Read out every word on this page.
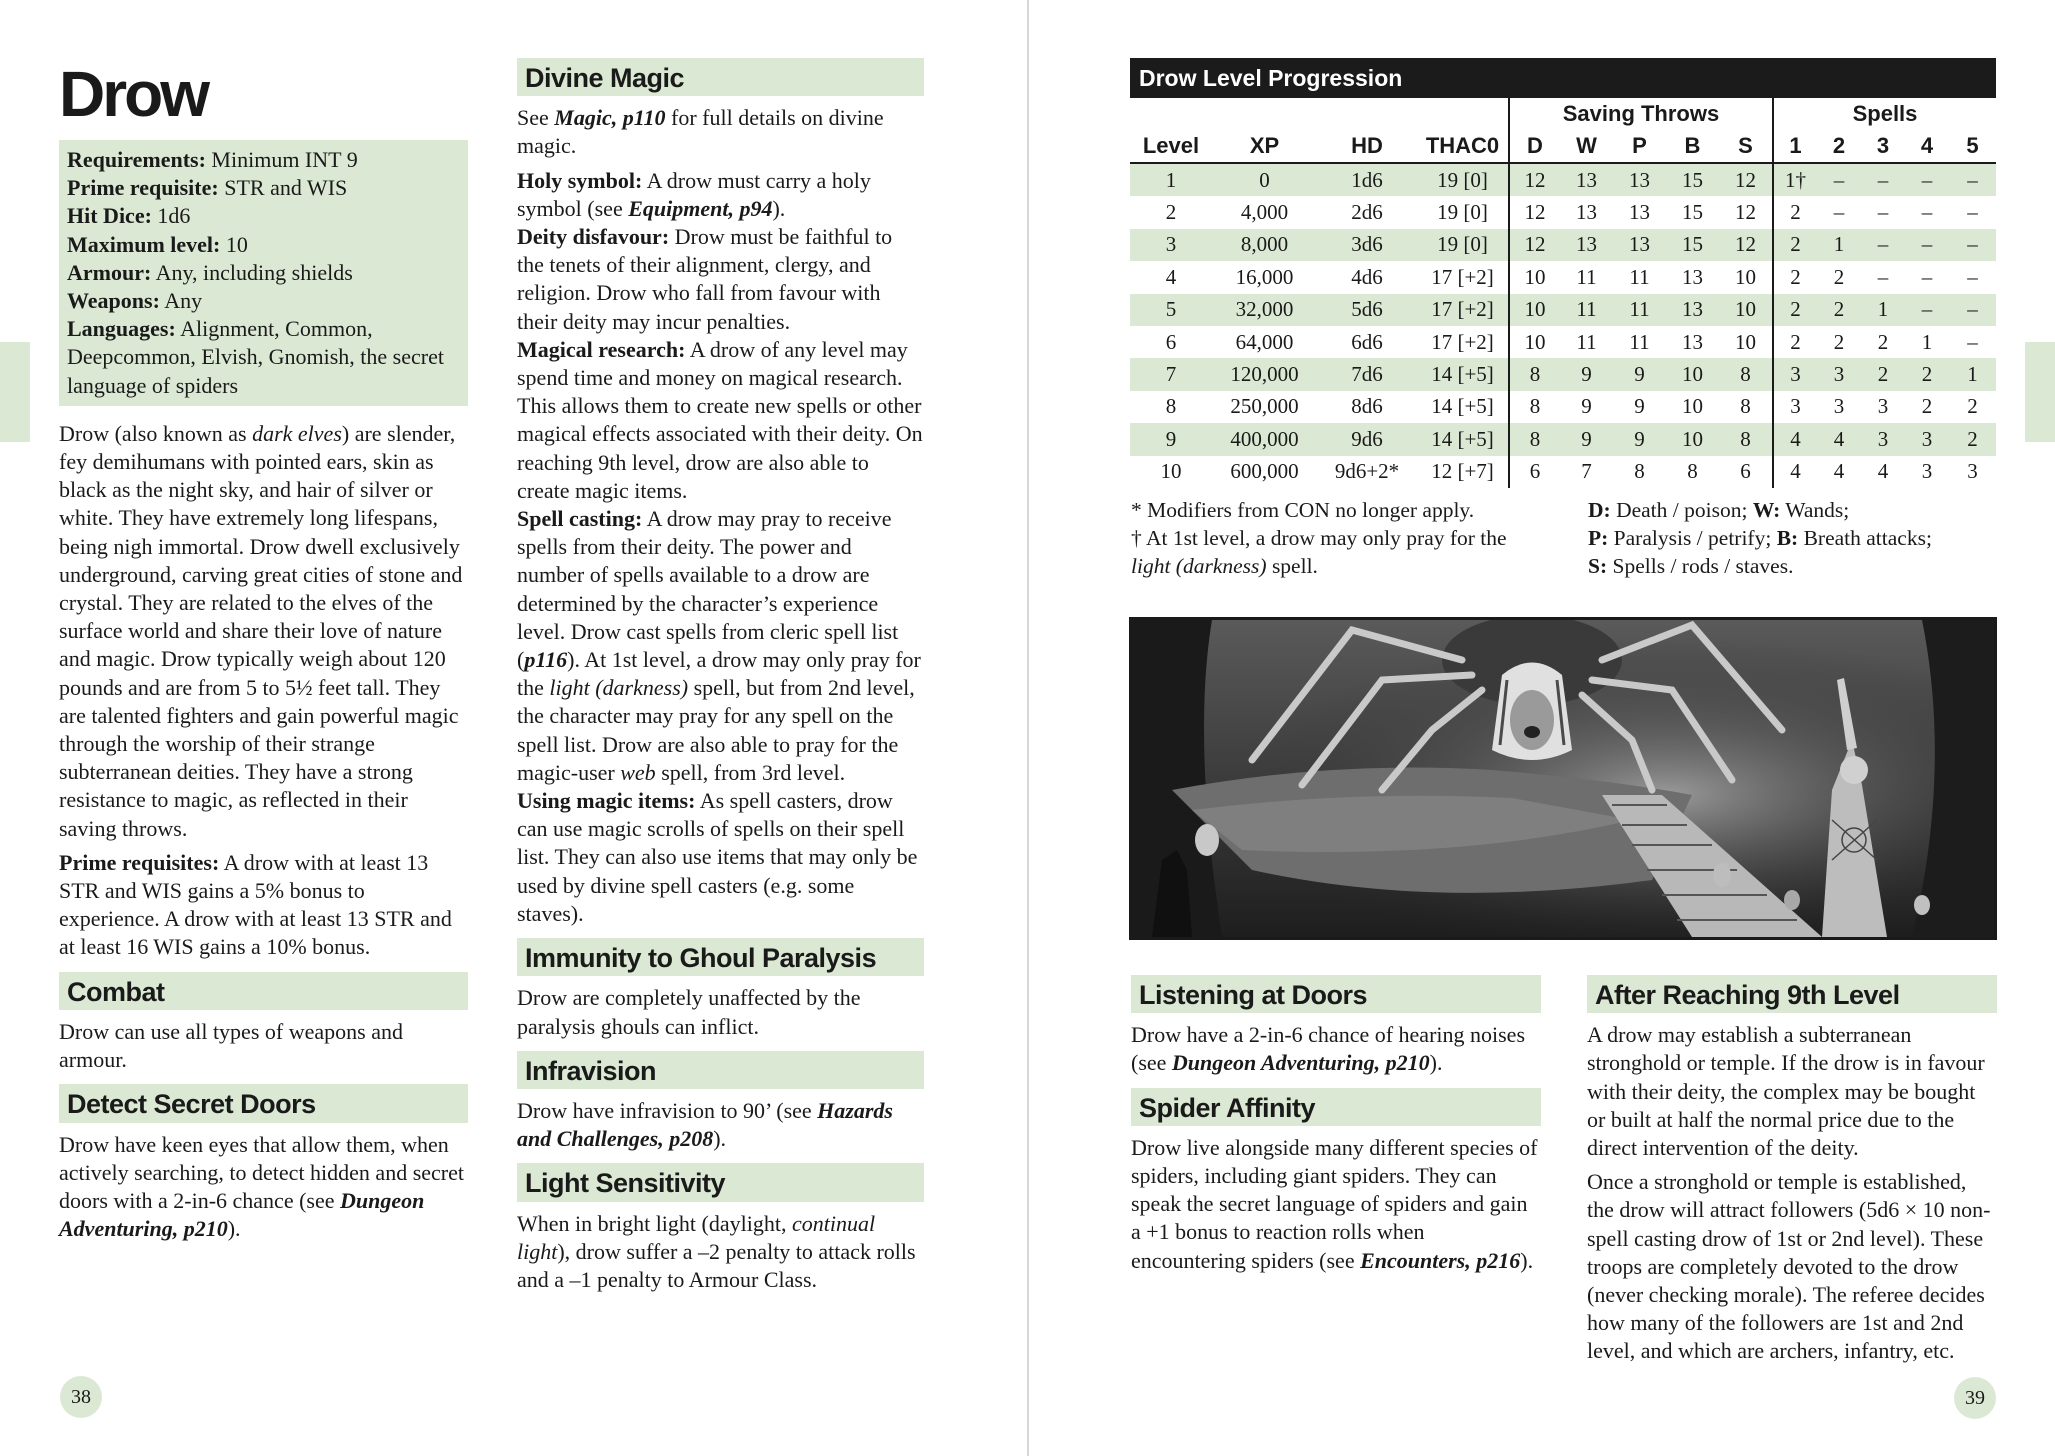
Drow
Requirements: Minimum INT 9
Prime requisite: STR and WIS
Hit Dice: 1d6
Maximum level: 10
Armour: Any, including shields
Weapons: Any
Languages: Alignment, Common, Deepcommon, Elvish, Gnomish, the secret language of spiders

Drow (also known as dark elves) are slender, fey demihumans with pointed ears, skin as black as the night sky, and hair of silver or white. They have extremely long lifespans, being nigh immortal. Drow dwell exclusively underground, carving great cities of stone and crystal. They are related to the elves of the surface world and share their love of nature and magic. Drow typically weigh about 120 pounds and are from 5 to 5½ feet tall. They are talented fighters and gain powerful magic through the worship of their strange subterranean deities. They have a strong resistance to magic, as reflected in their saving throws.

Prime requisites: A drow with at least 13 STR and WIS gains a 5% bonus to experience. A drow with at least 13 STR and at least 16 WIS gains a 10% bonus.

Combat

Drow can use all types of weapons and armour.

Detect Secret Doors

Drow have keen eyes that allow them, when actively searching, to detect hidden and secret doors with a 2-in-6 chance (see Dungeon Adventuring, p210).

38
Divine Magic

See Magic, p110 for full details on divine magic.

Holy symbol: A drow must carry a holy symbol (see Equipment, p94).
Deity disfavour: Drow must be faithful to the tenets of their alignment, clergy, and religion. Drow who fall from favour with their deity may incur penalties.
Magical research: A drow of any level may spend time and money on magical research. This allows them to create new spells or other magical effects associated with their deity. On reaching 9th level, drow are also able to create magic items.
Spell casting: A drow may pray to receive spells from their deity. The power and number of spells available to a drow are determined by the character’s experience level. Drow cast spells from cleric spell list (p116). At 1st level, a drow may only pray for the light (darkness) spell, but from 2nd level, the character may pray for any spell on the spell list. Drow are also able to pray for the magic-user web spell, from 3rd level.

Using magic items: As spell casters, drow can use magic scrolls of spells on their spell list. They can also use items that may only be used by divine spell casters (e.g. some staves).

Immunity to Ghoul Paralysis

Drow are completely unaffected by the paralysis ghouls can inflict.

Infravision

Drow have infravision to 90’ (see Hazards and Challenges, p208).

Light Sensitivity

When in bright light (daylight, continual light), drow suffer a –2 penalty to attack rolls and a –1 penalty to Armour Class.

Drow Level Progression
				Saving Throws					Spells				
Level	XP	HD	THAC0	D	W	P	B	S	1	2	3	4	5
1	0	1d6	19 [0]	12	13	13	15	12	1†	–	–	–	–
2	4,000	2d6	19 [0]	12	13	13	15	12	2	–	–	–	–
3	8,000	3d6	19 [0]	12	13	13	15	12	2	1	–	–	–
4	16,000	4d6	17 [+2]	10	11	11	13	10	2	2	–	–	–
5	32,000	5d6	17 [+2]	10	11	11	13	10	2	2	1	–	–
6	64,000	6d6	17 [+2]	10	11	11	13	10	2	2	2	1	–
7	120,000	7d6	14 [+5]	8	9	9	10	8	3	3	2	2	1
8	250,000	8d6	14 [+5]	8	9	9	10	8	3	3	3	2	2
9	400,000	9d6	14 [+5]	8	9	9	10	8	4	4	3	3	2
10	600,000	9d6+2*	12 [+7]	6	7	8	8	6	4	4	4	3	3
* Modifiers from CON no longer apply.
† At 1st level, a drow may only pray for the light (darkness) spell.
D: Death / poison; W: Wands;
P: Paralysis / petrify; B: Breath attacks;
S: Spells / rods / staves.
Listening at Doors

Drow have a 2-in-6 chance of hearing noises (see Dungeon Adventuring, p210).

Spider Affinity

Drow live alongside many different species of spiders, including giant spiders. They can speak the secret language of spiders and gain a +1 bonus to reaction rolls when encountering spiders (see Encounters, p216).

After Reaching 9th Level

A drow may establish a subterranean stronghold or temple. If the drow is in favour with their deity, the complex may be bought or built at half the normal price due to the direct intervention of the deity.

Once a stronghold or temple is established, the drow will attract followers (5d6 × 10 non-spell casting drow of 1st or 2nd level). These troops are completely devoted to the drow (never checking morale). The referee decides how many of the followers are 1st and 2nd level, and which are archers, infantry, etc.

39
